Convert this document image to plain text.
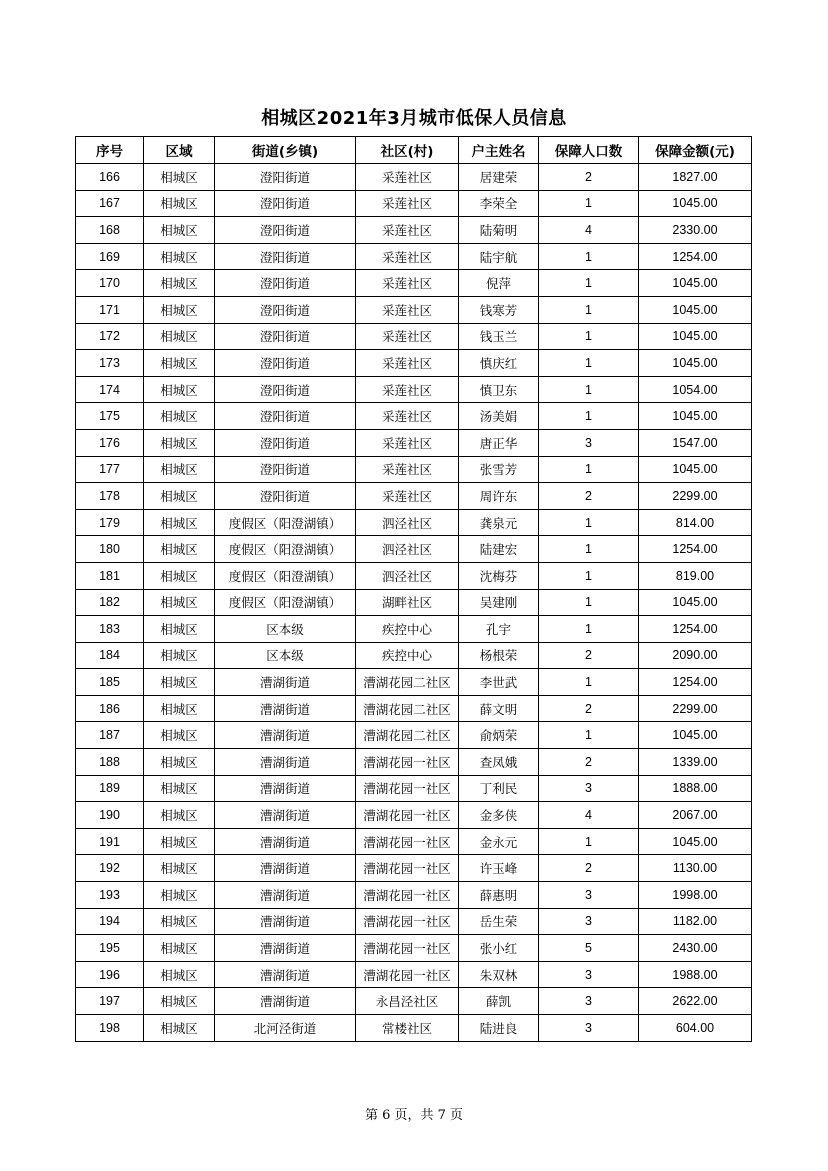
相城区2021年3月城市低保人员信息
序号	区域	街道(乡镇)	社区(村)	户主姓名	保障人口数	保障金额(元)
166	相城区	澄阳街道	采莲社区	居建荣	2	1827.00
167	相城区	澄阳街道	采莲社区	李荣全	1	1045.00
168	相城区	澄阳街道	采莲社区	陆菊明	4	2330.00
169	相城区	澄阳街道	采莲社区	陆宇航	1	1254.00
170	相城区	澄阳街道	采莲社区	倪萍	1	1045.00
171	相城区	澄阳街道	采莲社区	钱寒芳	1	1045.00
172	相城区	澄阳街道	采莲社区	钱玉兰	1	1045.00
173	相城区	澄阳街道	采莲社区	慎庆红	1	1045.00
174	相城区	澄阳街道	采莲社区	慎卫东	1	1054.00
175	相城区	澄阳街道	采莲社区	汤美娟	1	1045.00
176	相城区	澄阳街道	采莲社区	唐正华	3	1547.00
177	相城区	澄阳街道	采莲社区	张雪芳	1	1045.00
178	相城区	澄阳街道	采莲社区	周许东	2	2299.00
179	相城区	度假区（阳澄湖镇）	泗泾社区	龚泉元	1	814.00
180	相城区	度假区（阳澄湖镇）	泗泾社区	陆建宏	1	1254.00
181	相城区	度假区（阳澄湖镇）	泗泾社区	沈梅芬	1	819.00
182	相城区	度假区（阳澄湖镇）	湖畔社区	吴建刚	1	1045.00
183	相城区	区本级	疾控中心	孔宇	1	1254.00
184	相城区	区本级	疾控中心	杨根荣	2	2090.00
185	相城区	漕湖街道	漕湖花园二社区	李世武	1	1254.00
186	相城区	漕湖街道	漕湖花园二社区	薛文明	2	2299.00
187	相城区	漕湖街道	漕湖花园二社区	俞炳荣	1	1045.00
188	相城区	漕湖街道	漕湖花园一社区	查凤娥	2	1339.00
189	相城区	漕湖街道	漕湖花园一社区	丁利民	3	1888.00
190	相城区	漕湖街道	漕湖花园一社区	金多侠	4	2067.00
191	相城区	漕湖街道	漕湖花园一社区	金永元	1	1045.00
192	相城区	漕湖街道	漕湖花园一社区	许玉峰	2	1130.00
193	相城区	漕湖街道	漕湖花园一社区	薛惠明	3	1998.00
194	相城区	漕湖街道	漕湖花园一社区	岳生荣	3	1182.00
195	相城区	漕湖街道	漕湖花园一社区	张小红	5	2430.00
196	相城区	漕湖街道	漕湖花园一社区	朱双林	3	1988.00
197	相城区	漕湖街道	永昌泾社区	薛凯	3	2622.00
198	相城区	北河泾街道	常楼社区	陆进良	3	604.00
第 6 页，共 7 页
